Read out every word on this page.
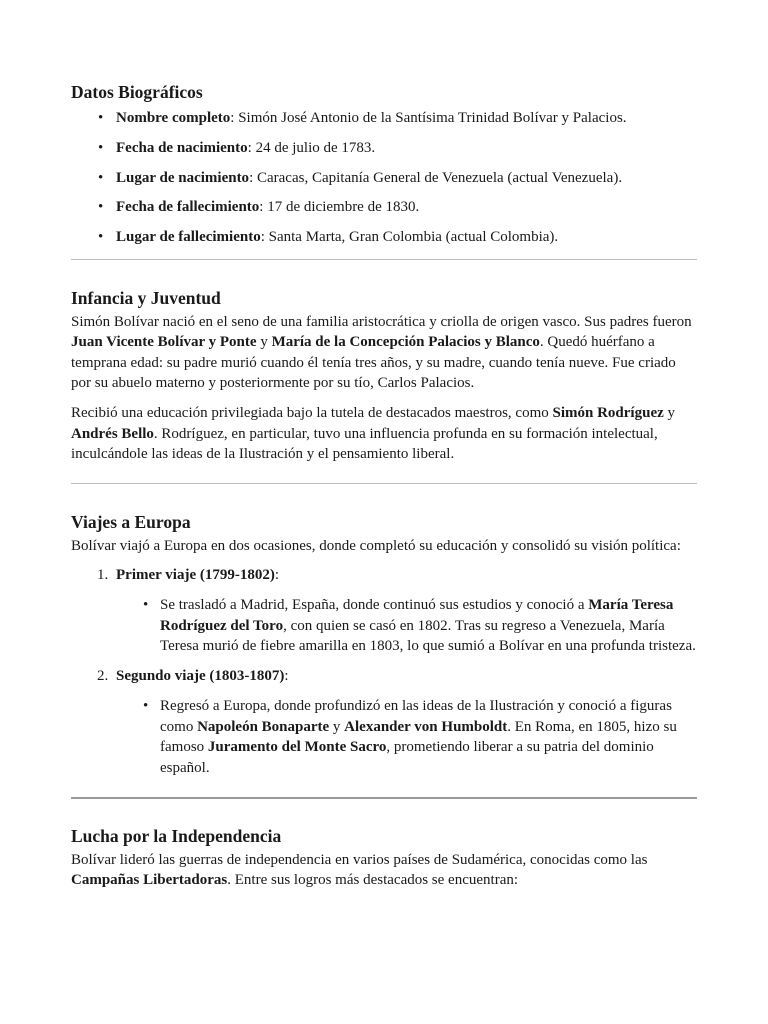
Datos Biográficos
• Nombre completo: Simón José Antonio de la Santísima Trinidad Bolívar y Palacios.
• Fecha de nacimiento: 24 de julio de 1783.
• Lugar de nacimiento: Caracas, Capitanía General de Venezuela (actual Venezuela).
• Fecha de fallecimiento: 17 de diciembre de 1830.
• Lugar de fallecimiento: Santa Marta, Gran Colombia (actual Colombia).
Infancia y Juventud

Simón Bolívar nació en el seno de una familia aristocrática y criolla de origen vasco. Sus padres fueron Juan Vicente Bolívar y Ponte y María de la Concepción Palacios y Blanco. Quedó huérfano a temprana edad: su padre murió cuando él tenía tres años, y su madre, cuando tenía nueve. Fue criado por su abuelo materno y posteriormente por su tío, Carlos Palacios.

Recibió una educación privilegiada bajo la tutela de destacados maestros, como Simón Rodríguez y Andrés Bello. Rodríguez, en particular, tuvo una influencia profunda en su formación intelectual, inculcándole las ideas de la Ilustración y el pensamiento liberal.

Viajes a Europa

Bolívar viajó a Europa en dos ocasiones, donde completó su educación y consolidó su visión política:

1. Primer viaje (1799-1802):
• Se trasladó a Madrid, España, donde continuó sus estudios y conoció a María Teresa Rodríguez del Toro, con quien se casó en 1802. Tras su regreso a Venezuela, María Teresa murió de fiebre amarilla en 1803, lo que sumió a Bolívar en una profunda tristeza.
2. Segundo viaje (1803-1807):
• Regresó a Europa, donde profundizó en las ideas de la Ilustración y conoció a figuras como Napoleón Bonaparte y Alexander von Humboldt. En Roma, en 1805, hizo su famoso Juramento del Monte Sacro, prometiendo liberar a su patria del dominio español.
Lucha por la Independencia

Bolívar lideró las guerras de independencia en varios países de Sudamérica, conocidas como las Campañas Libertadoras. Entre sus logros más destacados se encuentran:
